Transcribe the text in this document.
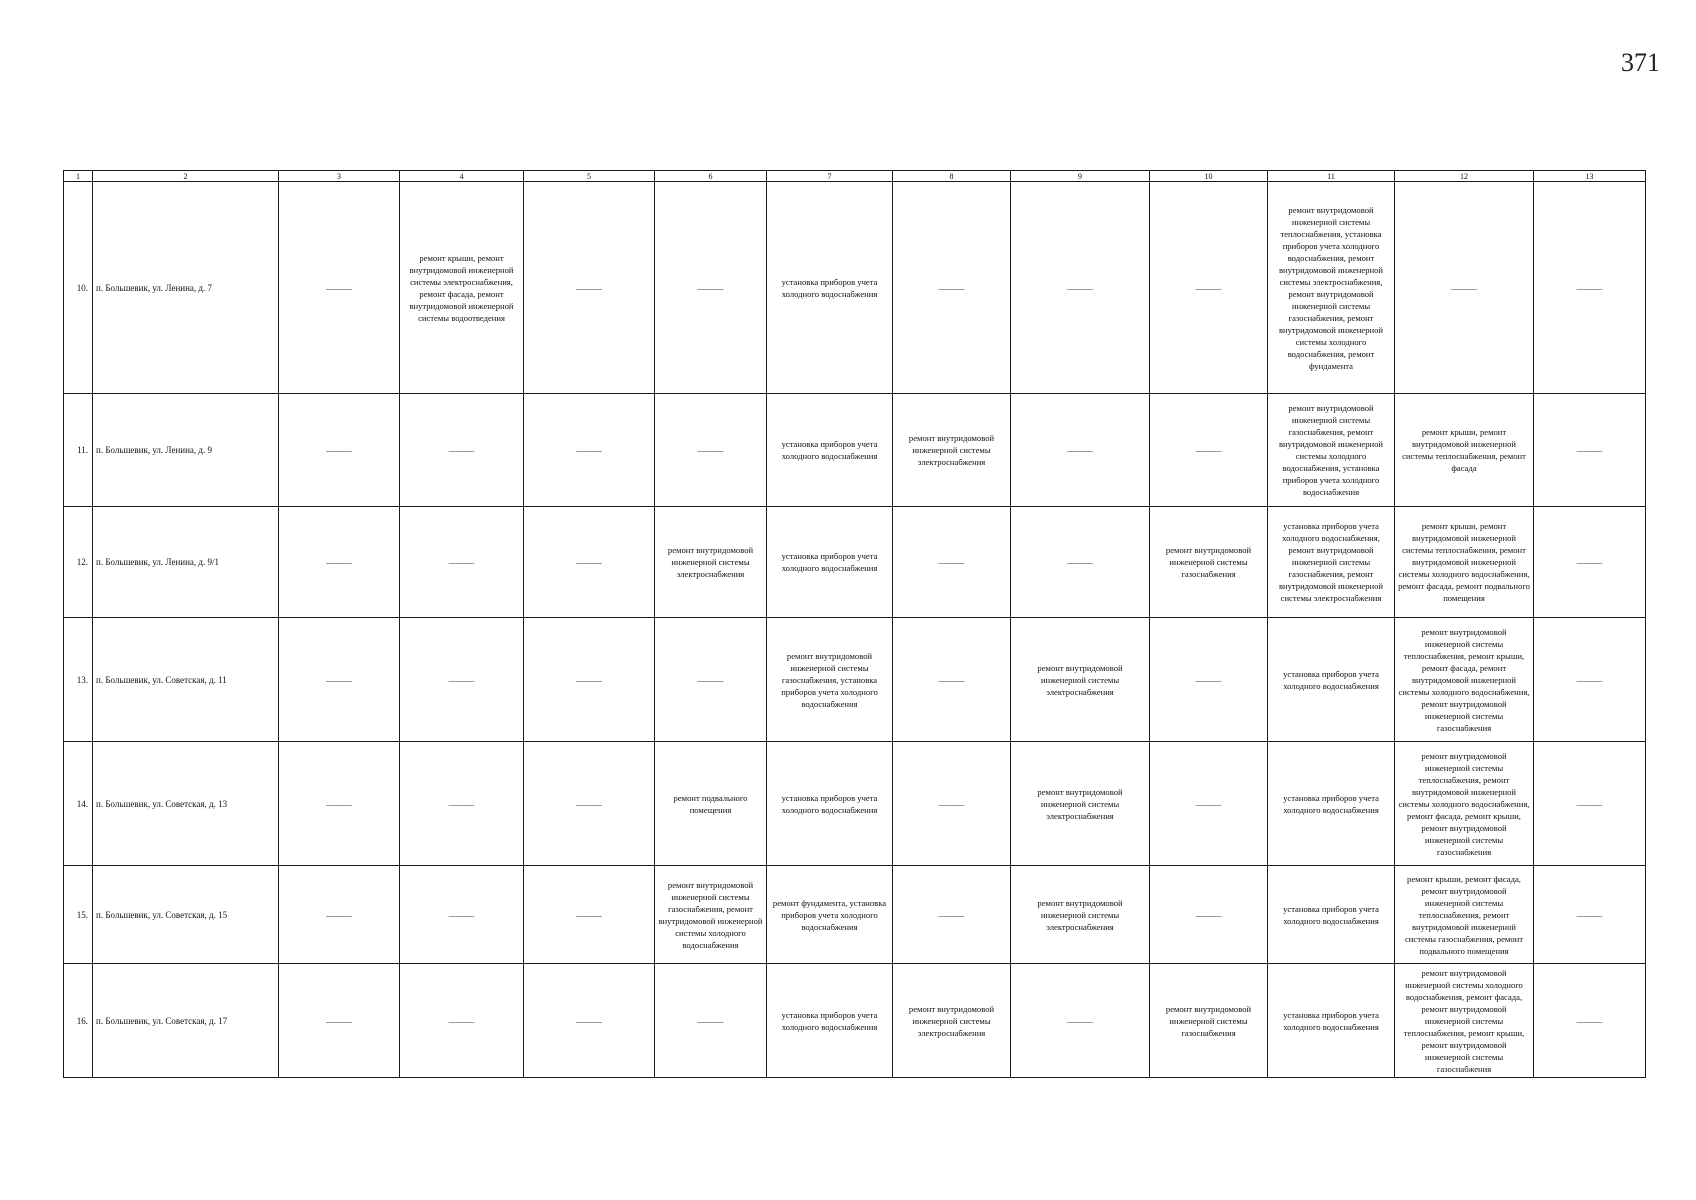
371
1	2	3	4	5	6	7	8	9	10	11	12	13
10.	п. Большевик, ул. Ленина, д. 7	———	ремонт крыши, ремонт внутридомовой инженерной системы электроснабжения, ремонт фасада, ремонт внутридомовой инженерной системы водоотведения	———	———	установка приборов учета холодного водоснабжения	———	———	———	ремонт внутридомовой инженерной системы теплоснабжения, установка приборов учета холодного водоснабжения, ремонт внутридомовой инженерной системы электроснабжения, ремонт внутридомовой инженерной системы газоснабжения, ремонт внутридомовой инженерной системы холодного водоснабжения, ремонт фундамента	———	———
11.	п. Большевик, ул. Ленина, д. 9	———	———	———	———	установка приборов учета холодного водоснабжения	ремонт внутридомовой инженерной системы электроснабжения	———	———	ремонт внутридомовой инженерной системы газоснабжения, ремонт внутридомовой инженерной системы холодного водоснабжения, установка приборов учета холодного водоснабжения	ремонт крыши, ремонт внутридомовой инженерной системы теплоснабжения, ремонт фасада	———
12.	п. Большевик, ул. Ленина, д. 9/1	———	———	———	ремонт внутридомовой инженерной системы электроснабжения	установка приборов учета холодного водоснабжения	———	———	ремонт внутридомовой инженерной системы газоснабжения	установка приборов учета холодного водоснабжения, ремонт внутридомовой инженерной системы газоснабжения, ремонт внутридомовой инженерной системы электроснабжения	ремонт крыши, ремонт внутридомовой инженерной системы теплоснабжения, ремонт внутридомовой инженерной системы холодного водоснабжения, ремонт фасада, ремонт подвального помещения	———
13.	п. Большевик, ул. Советская, д. 11	———	———	———	———	ремонт внутридомовой инженерной системы газоснабжения, установка приборов учета холодного водоснабжения	———	ремонт внутридомовой инженерной системы электроснабжения	———	установка приборов учета холодного водоснабжения	ремонт внутридомовой инженерной системы теплоснабжения, ремонт крыши, ремонт фасада, ремонт внутридомовой инженерной системы холодного водоснабжения, ремонт внутридомовой инженерной системы газоснабжения	———
14.	п. Большевик, ул. Советская, д. 13	———	———	———	ремонт подвального помещения	установка приборов учета холодного водоснабжения	———	ремонт внутридомовой инженерной системы электроснабжения	———	установка приборов учета холодного водоснабжения	ремонт внутридомовой инженерной системы теплоснабжения, ремонт внутридомовой инженерной системы холодного водоснабжения, ремонт фасада, ремонт крыши, ремонт внутридомовой инженерной системы газоснабжения	———
15.	п. Большевик, ул. Советская, д. 15	———	———	———	ремонт внутридомовой инженерной системы газоснабжения, ремонт внутридомовой инженерной системы холодного водоснабжения	ремонт фундамента, установка приборов учета холодного водоснабжения	———	ремонт внутридомовой инженерной системы электроснабжения	———	установка приборов учета холодного водоснабжения	ремонт крыши, ремонт фасада, ремонт внутридомовой инженерной системы теплоснабжения, ремонт внутридомовой инженерной системы газоснабжения, ремонт подвального помещения	———
16.	п. Большевик, ул. Советская, д. 17	———	———	———	———	установка приборов учета холодного водоснабжения	ремонт внутридомовой инженерной системы электроснабжения	———	ремонт внутридомовой инженерной системы газоснабжения	установка приборов учета холодного водоснабжения	ремонт внутридомовой инженерной системы холодного водоснабжения, ремонт фасада, ремонт внутридомовой инженерной системы теплоснабжения, ремонт крыши, ремонт внутридомовой инженерной системы газоснабжения	———
